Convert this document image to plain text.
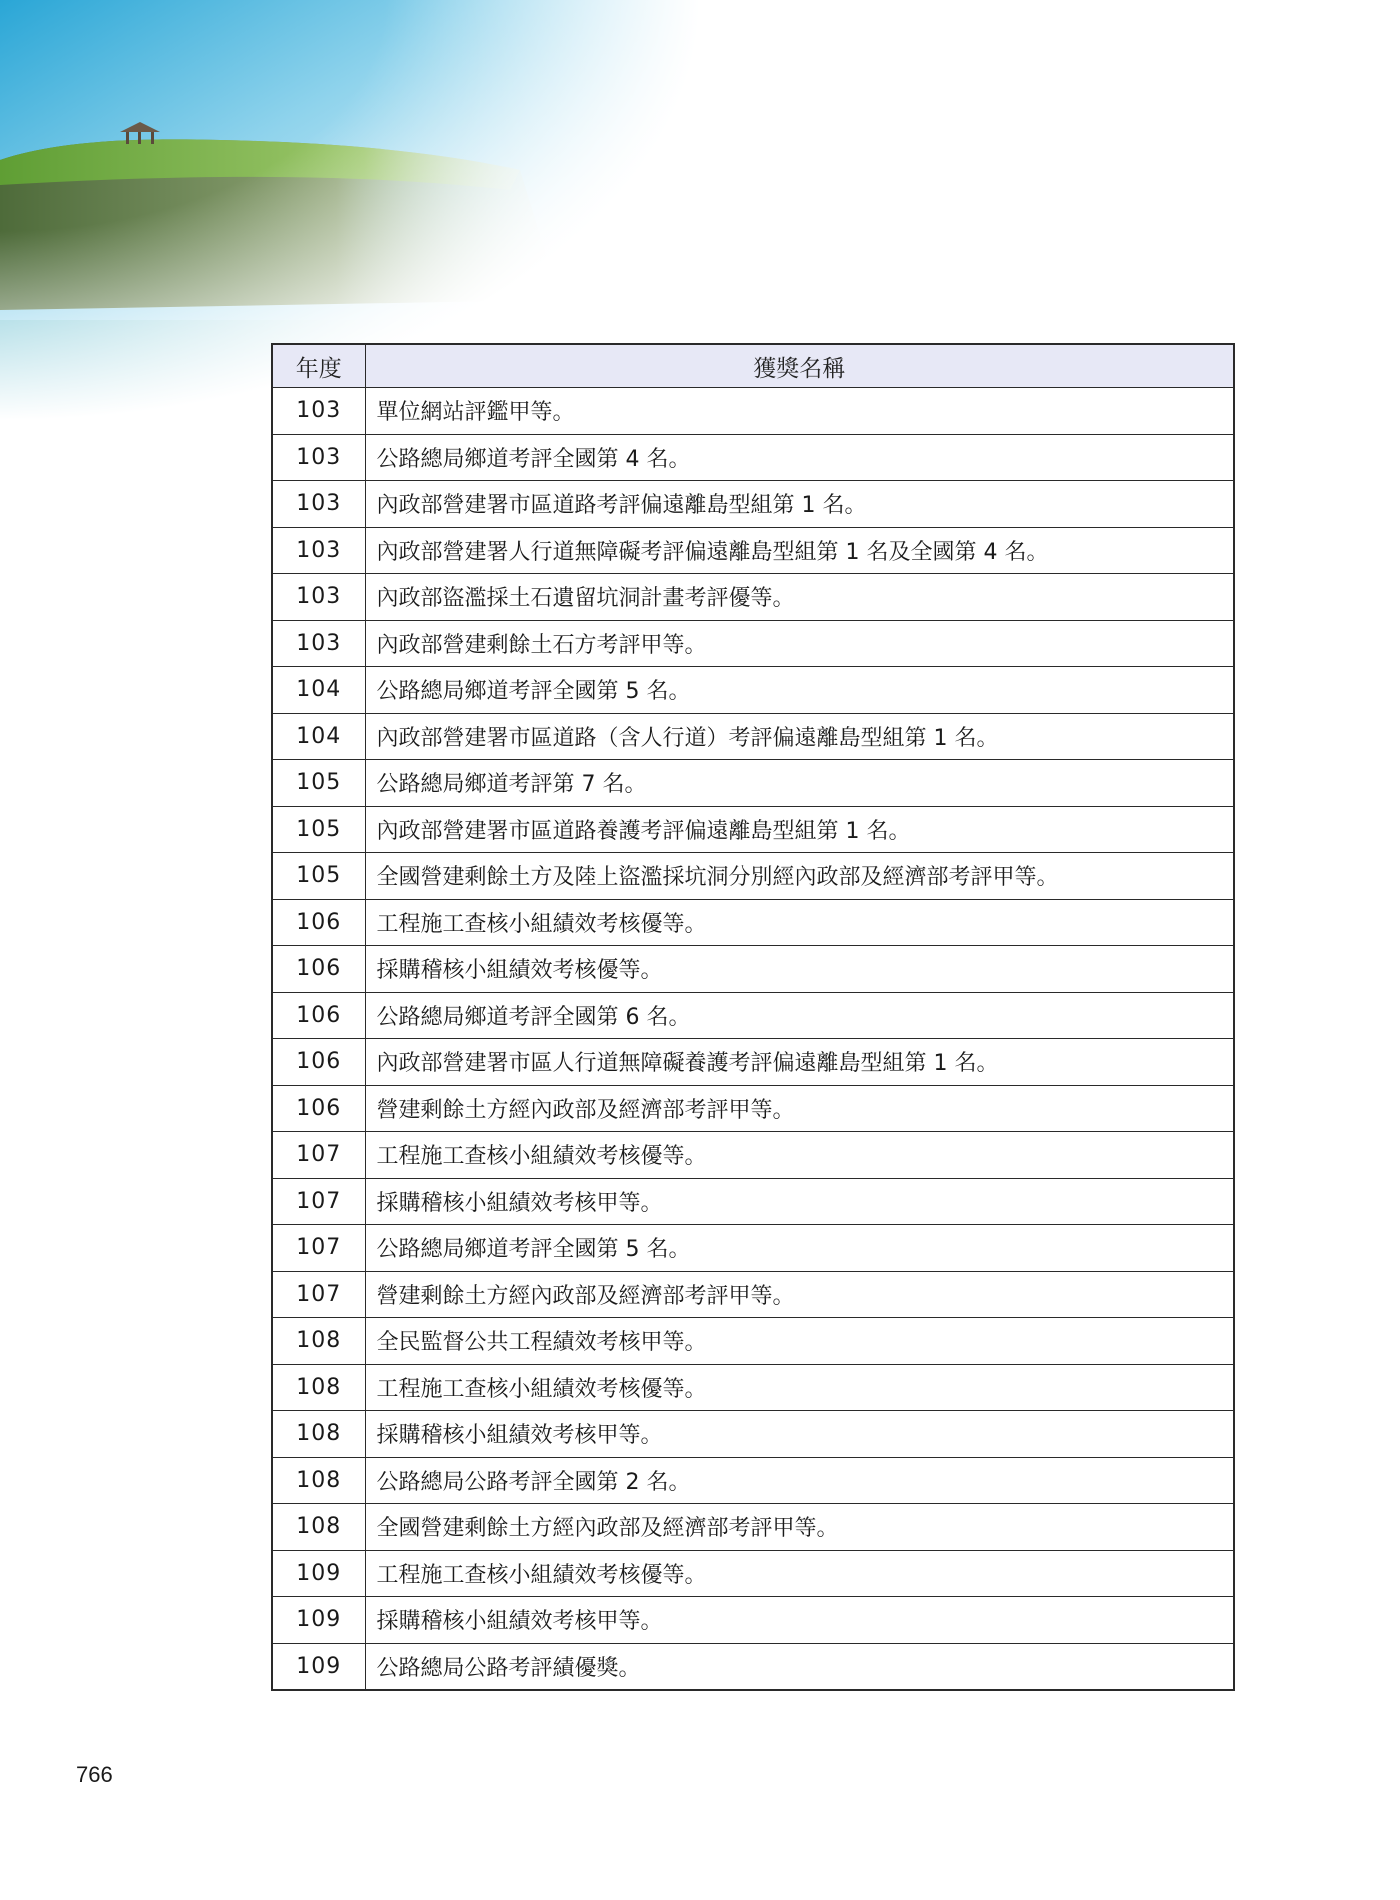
年度	獲獎名稱
103	單位網站評鑑甲等。
103	公路總局鄉道考評全國第 4 名。
103	內政部營建署市區道路考評偏遠離島型組第 1 名。
103	內政部營建署人行道無障礙考評偏遠離島型組第 1 名及全國第 4 名。
103	內政部盜濫採土石遺留坑洞計畫考評優等。
103	內政部營建剩餘土石方考評甲等。
104	公路總局鄉道考評全國第 5 名。
104	內政部營建署市區道路（含人行道）考評偏遠離島型組第 1 名。
105	公路總局鄉道考評第 7 名。
105	內政部營建署市區道路養護考評偏遠離島型組第 1 名。
105	全國營建剩餘土方及陸上盜濫採坑洞分別經內政部及經濟部考評甲等。
106	工程施工查核小組績效考核優等。
106	採購稽核小組績效考核優等。
106	公路總局鄉道考評全國第 6 名。
106	內政部營建署市區人行道無障礙養護考評偏遠離島型組第 1 名。
106	營建剩餘土方經內政部及經濟部考評甲等。
107	工程施工查核小組績效考核優等。
107	採購稽核小組績效考核甲等。
107	公路總局鄉道考評全國第 5 名。
107	營建剩餘土方經內政部及經濟部考評甲等。
108	全民監督公共工程績效考核甲等。
108	工程施工查核小組績效考核優等。
108	採購稽核小組績效考核甲等。
108	公路總局公路考評全國第 2 名。
108	全國營建剩餘土方經內政部及經濟部考評甲等。
109	工程施工查核小組績效考核優等。
109	採購稽核小組績效考核甲等。
109	公路總局公路考評績優獎。
766
